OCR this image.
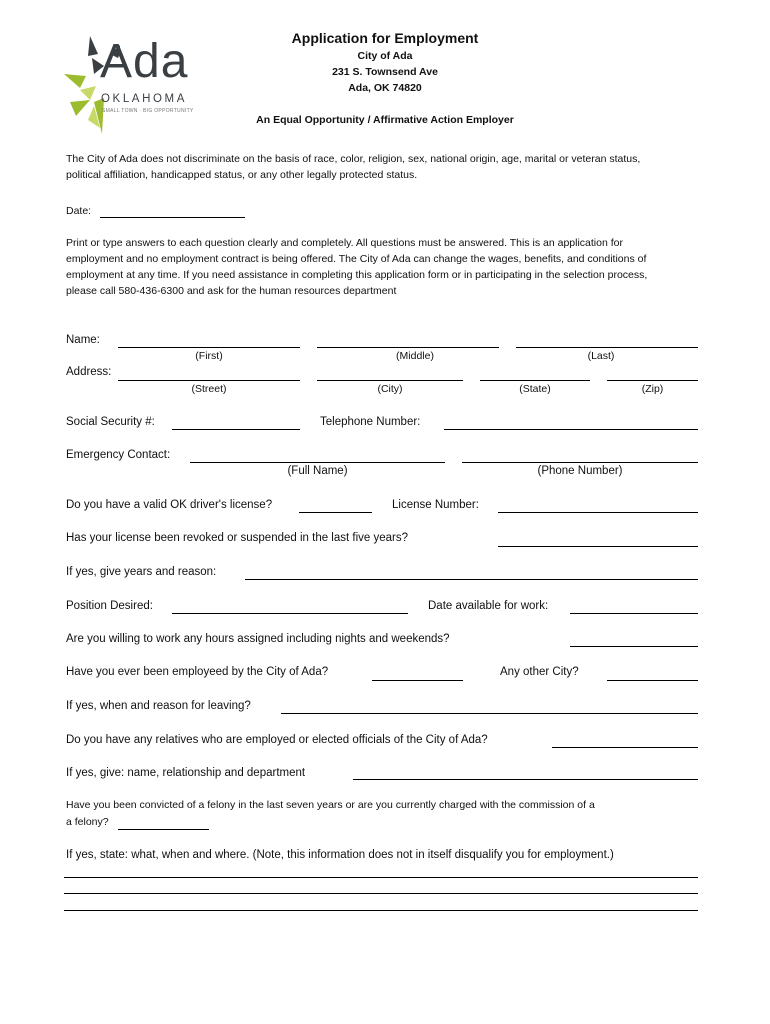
Ada
OKLAHOMA
SMALL TOWN · BIG OPPORTUNITY
Application for Employment
City of Ada
231 S. Townsend Ave
Ada, OK 74820
An Equal Opportunity / Affirmative Action Employer
The City of Ada does not discriminate on the basis of race, color, religion, sex, national origin, age, marital or veteran status,
political affiliation, handicapped status, or any other legally protected status.
Date:
Print or type answers to each question clearly and completely. All questions must be answered. This is an application for
employment and no employment contract is being offered. The City of Ada can change the wages, benefits, and conditions of
employment at any time. If you need assistance in completing this application form or in participating in the selection process,
please call 580-436-6300 and ask for the human resources department
Name:
(First)	(Middle)	(Last)
Address:
(Street)	(City)	(State)	(Zip)
Social Security #:	Telephone Number:
Emergency Contact:
(Full Name)	(Phone Number)
Do you have a valid OK driver's license?	License Number:
Has your license been revoked or suspended in the last five years?
If yes, give years and reason:
Position Desired:	Date available for work:
Are you willing to work any hours assigned including nights and weekends?
Have you ever been employeed by the City of Ada?	Any other City?
If yes, when and reason for leaving?
Do you have any relatives who are employed or elected officials of the City of Ada?
If yes, give: name, relationship and department
Have you been convicted of a felony in the last seven years or are you currently charged with the commission of a
a felony?
If yes, state: what, when and where. (Note, this information does not in itself disqualify you for employment.)
